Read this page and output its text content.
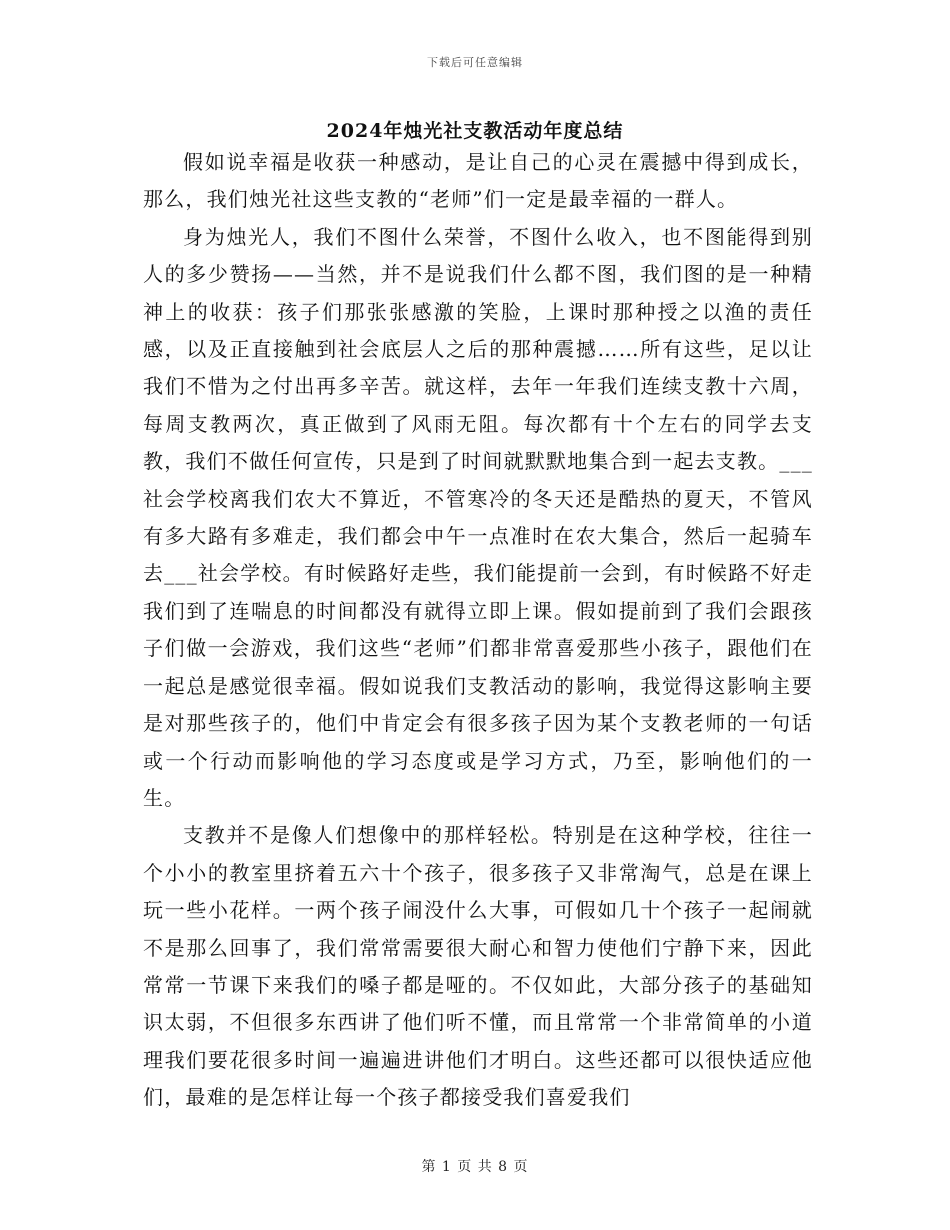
下载后可任意编辑
2024年烛光社支教活动年度总结

假如说幸福是收获一种感动，是让自己的心灵在震撼中得到成长，那么，我们烛光社这些支教的“老师”们一定是最幸福的一群人。

身为烛光人，我们不图什么荣誉，不图什么收入，也不图能得到别人的多少赞扬——当然，并不是说我们什么都不图，我们图的是一种精神上的收获：孩子们那张张感激的笑脸，上课时那种授之以渔的责任感，以及正直接触到社会底层人之后的那种震撼……所有这些，足以让我们不惜为之付出再多辛苦。就这样，去年一年我们连续支教十六周，每周支教两次，真正做到了风雨无阻。每次都有十个左右的同学去支教，我们不做任何宣传，只是到了时间就默默地集合到一起去支教。___社会学校离我们农大不算近，不管寒冷的冬天还是酷热的夏天，不管风有多大路有多难走，我们都会中午一点准时在农大集合，然后一起骑车去___社会学校。有时候路好走些，我们能提前一会到，有时候路不好走我们到了连喘息的时间都没有就得立即上课。假如提前到了我们会跟孩子们做一会游戏，我们这些“老师”们都非常喜爱那些小孩子，跟他们在一起总是感觉很幸福。假如说我们支教活动的影响，我觉得这影响主要是对那些孩子的，他们中肯定会有很多孩子因为某个支教老师的一句话或一个行动而影响他的学习态度或是学习方式，乃至，影响他们的一生。

支教并不是像人们想像中的那样轻松。特别是在这种学校，往往一个小小的教室里挤着五六十个孩子，很多孩子又非常淘气，总是在课上玩一些小花样。一两个孩子闹没什么大事，可假如几十个孩子一起闹就不是那么回事了，我们常常需要很大耐心和智力使他们宁静下来，因此常常一节课下来我们的嗓子都是哑的。不仅如此，大部分孩子的基础知识太弱，不但很多东西讲了他们听不懂，而且常常一个非常简单的小道理我们要花很多时间一遍遍进讲他们才明白。这些还都可以很快适应他们，最难的是怎样让每一个孩子都接受我们喜爱我们

第 1 页 共 8 页
